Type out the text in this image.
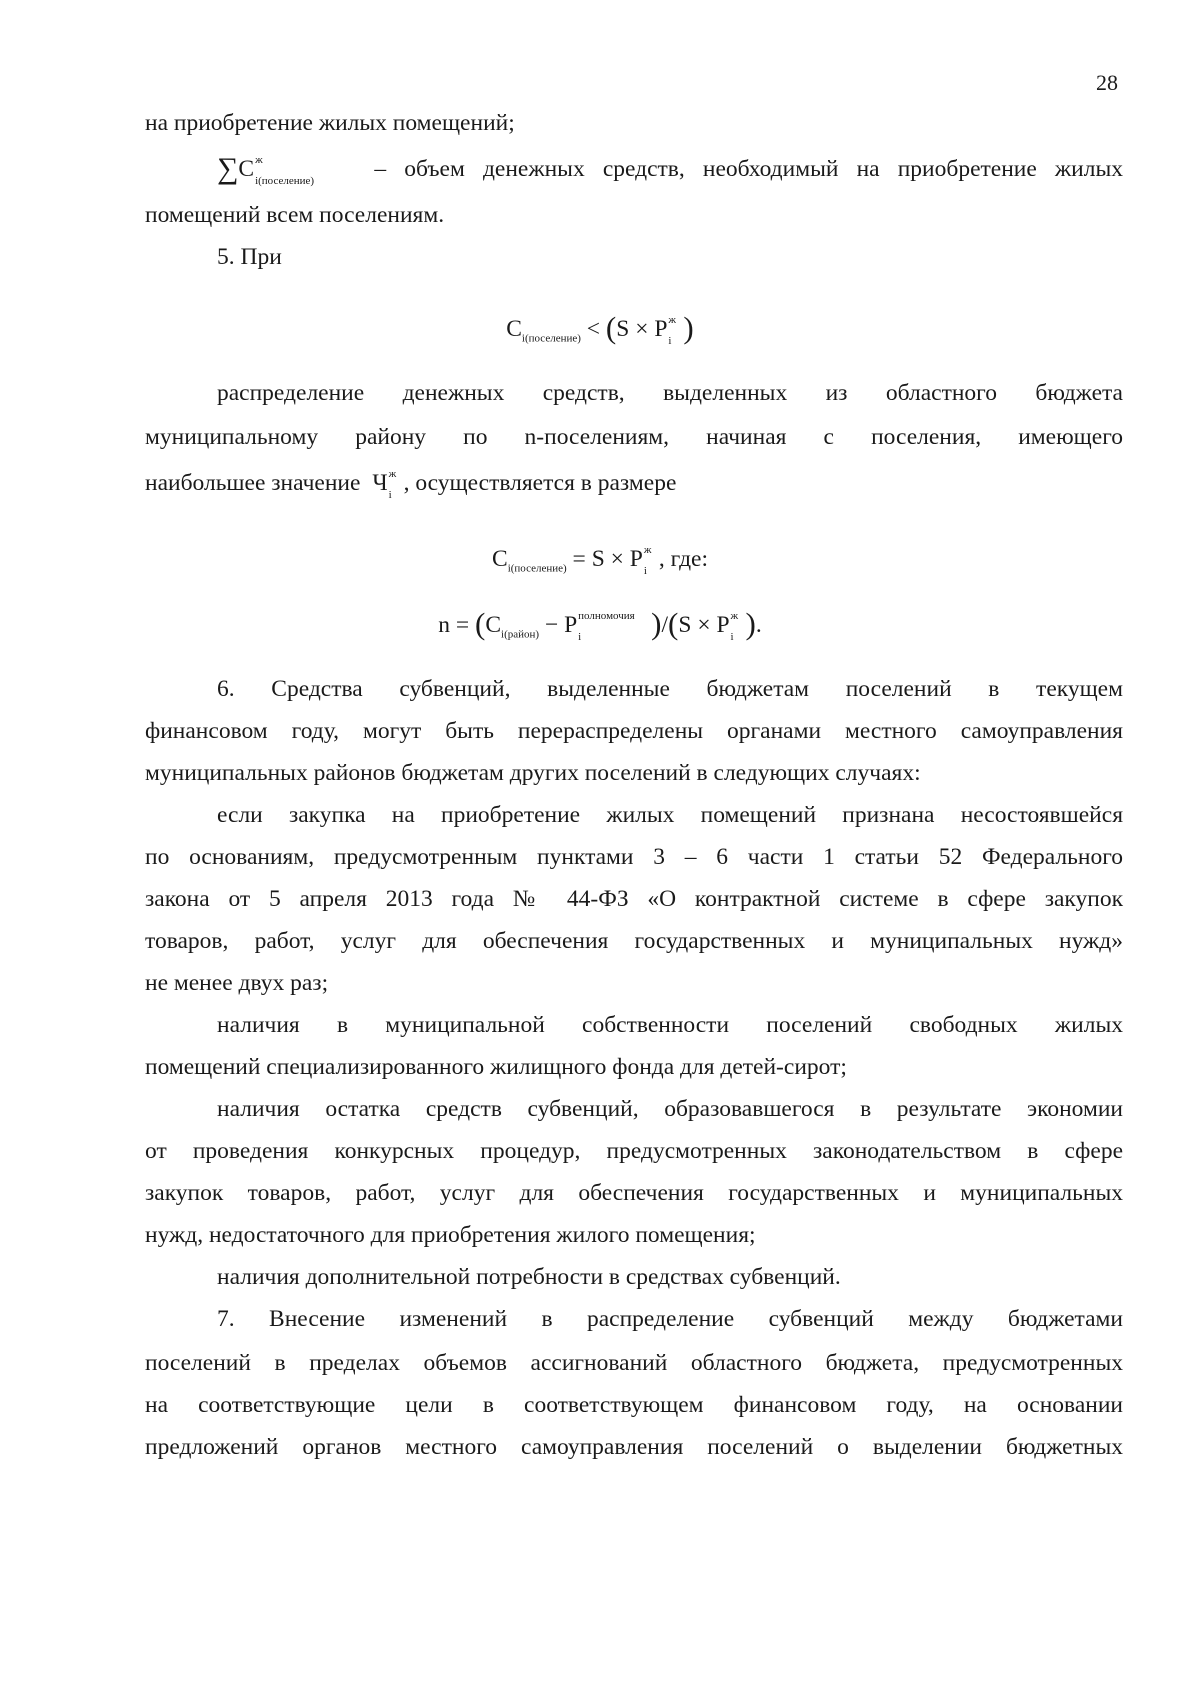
28
на приобретение жилых помещений;
∑C ж
i(поселение)	– объем денежных средств, необходимый на приобретение жилых
помещений всем поселениям.
5. При
$C_{i(поселение)} < (S \times P$ ж
i )
распределение денежных средств, выделенных из областного бюджета
муниципальному району по n-поселениям, начиная с поселения, имеющего
наибольшее значение Ч ж
i , осуществляется в размере
$C_{i(поселение)} = S \times P$ ж
i , где:
$n = (C_{i(район)} - P$ полномочия
i )/(S × P ж
i ).
6. Средства субвенций, выделенные бюджетам поселений в текущем
финансовом году, могут быть перераспределены органами местного самоуправления
муниципальных районов бюджетам других поселений в следующих случаях:
если закупка на приобретение жилых помещений признана несостоявшейся
по основаниям, предусмотренным пунктами 3 – 6 части 1 статьи 52 Федерального
закона от 5 апреля 2013 года № 44-ФЗ «О контрактной системе в сфере закупок
товаров, работ, услуг для обеспечения государственных и муниципальных нужд»
не менее двух раз;
наличия в муниципальной собственности поселений свободных жилых
помещений специализированного жилищного фонда для детей-сирот;
наличия остатка средств субвенций, образовавшегося в результате экономии
от проведения конкурсных процедур, предусмотренных законодательством в сфере
закупок товаров, работ, услуг для обеспечения государственных и муниципальных
нужд, недостаточного для приобретения жилого помещения;
наличия дополнительной потребности в средствах субвенций.
7. Внесение изменений в распределение субвенций между бюджетами
поселений в пределах объемов ассигнований областного бюджета, предусмотренных
на соответствующие цели в соответствующем финансовом году, на основании
предложений органов местного самоуправления поселений о выделении бюджетных
